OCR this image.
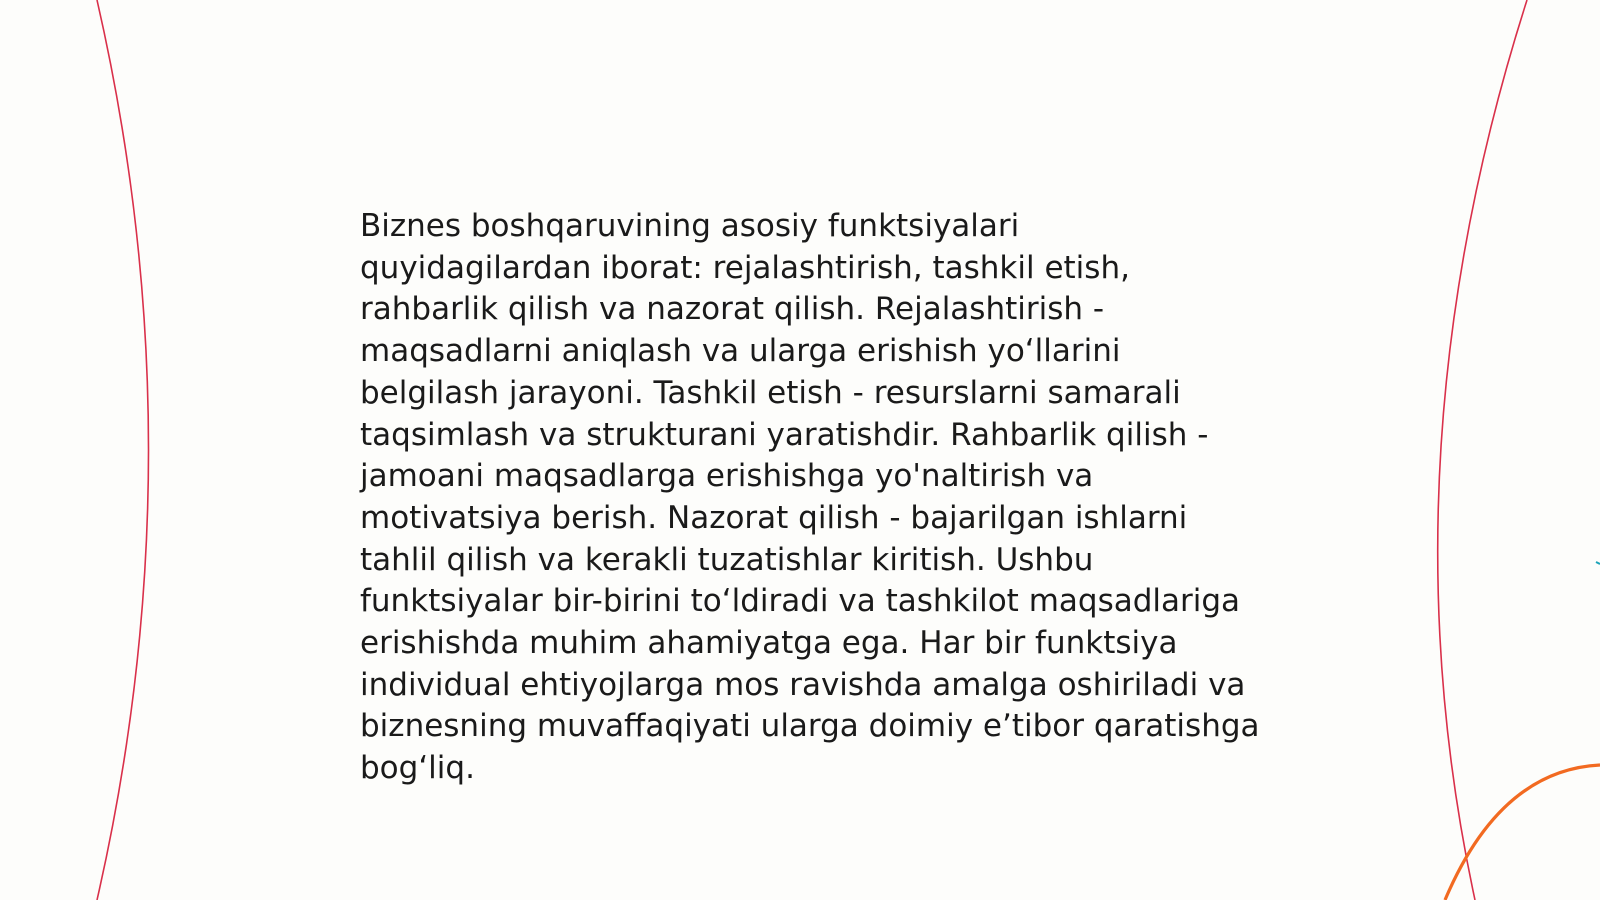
Biznes boshqaruvining asosiy funktsiyalari quyidagilardan iborat: rejalashtirish, tashkil etish, rahbarlik qilish va nazorat qilish. Rejalashtirish - maqsadlarni aniqlash va ularga erishish yo‘llarini belgilash jarayoni. Tashkil etish - resurslarni samarali taqsimlash va strukturani yaratishdir. Rahbarlik qilish - jamoani maqsadlarga erishishga yo'naltirish va motivatsiya berish. Nazorat qilish - bajarilgan ishlarni tahlil qilish va kerakli tuzatishlar kiritish. Ushbu funktsiyalar bir-birini to‘ldiradi va tashkilot maqsadlariga erishishda muhim ahamiyatga ega. Har bir funktsiya individual ehtiyojlarga mos ravishda amalga oshiriladi va biznesning muvaffaqiyati ularga doimiy e’tibor qaratishga bog‘liq.
